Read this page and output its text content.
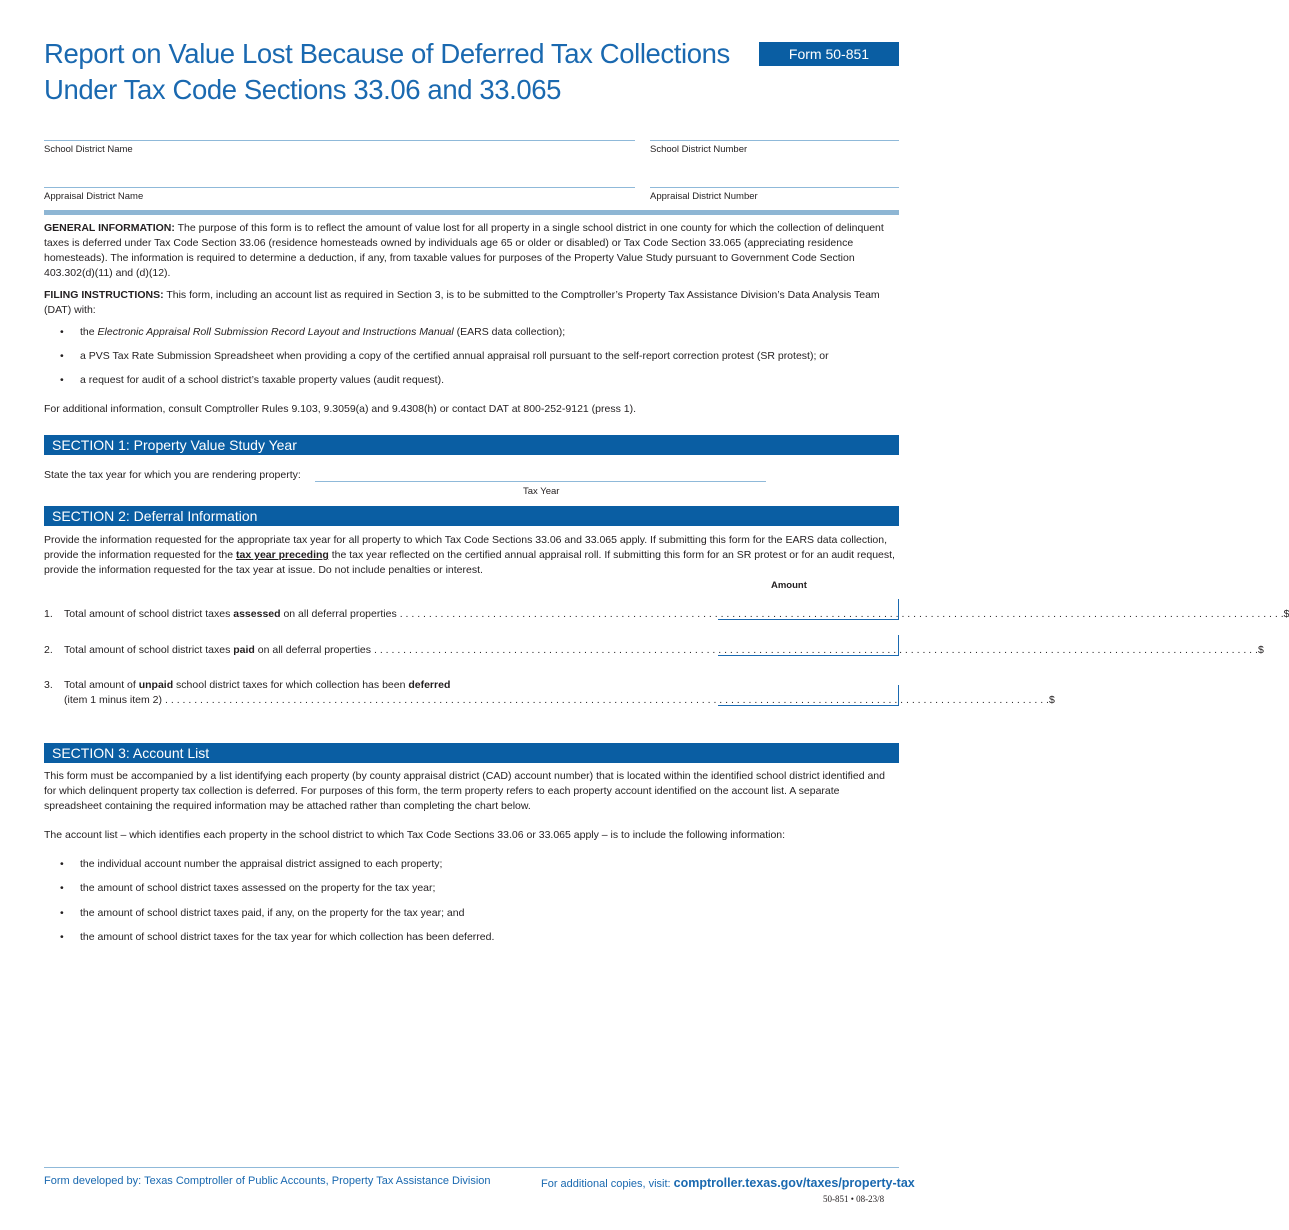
Report on Value Lost Because of Deferred Tax Collections
Under Tax Code Sections 33.06 and 33.065
Form 50-851
School District Name	School District Number
Appraisal District Name	Appraisal District Number
GENERAL INFORMATION: The purpose of this form is to reflect the amount of value lost for all property in a single school district in one county for which the collection of delinquent taxes is deferred under Tax Code Section 33.06 (residence homesteads owned by individuals age 65 or older or disabled) or Tax Code Section 33.065 (appreciating residence homesteads). The information is required to determine a deduction, if any, from taxable values for purposes of the Property Value Study pursuant to Government Code Section 403.302(d)(11) and (d)(12).
FILING INSTRUCTIONS: This form, including an account list as required in Section 3, is to be submitted to the Comptroller’s Property Tax Assistance Division’s Data Analysis Team (DAT) with:
• the Electronic Appraisal Roll Submission Record Layout and Instructions Manual (EARS data collection);
• a PVS Tax Rate Submission Spreadsheet when providing a copy of the certified annual appraisal roll pursuant to the self-report correction protest (SR protest); or
• a request for audit of a school district’s taxable property values (audit request).
For additional information, consult Comptroller Rules 9.103, 9.3059(a) and 9.4308(h) or contact DAT at 800-252-9121 (press 1).
SECTION 1: Property Value Study Year
State the tax year for which you are rendering property:
Tax Year
SECTION 2: Deferral Information
Provide the information requested for the appropriate tax year for all property to which Tax Code Sections 33.06 and 33.065 apply. If submitting this form for the EARS data collection, provide the information requested for the tax year preceding the tax year reflected on the certified annual appraisal roll. If submitting this form for an SR protest or for an audit request, provide the information requested for the tax year at issue. Do not include penalties or interest.
Amount
1.	Total amount of school district taxes assessed on all deferral properties . . . . . . . . . . . . . . . . . . . . . . . . . . . . . . . . . . . . . . . . . . . . . . . . . . . . . . . . . . . . . . . . . . . . . . . . . . . . . . . . . . . . . . . . . . . . . . . . . . . . . . . . . . . . . . . . . . . . . . . . . . . . . . . . . . . . . . . . . . . . . . . . . . . . . . . . $
2.	Total amount of school district taxes paid on all deferral properties . . . . . . . . . . . . . . . . . . . . . . . . . . . . . . . . . . . . . . . . . . . . . . . . . . . . . . . . . . . . . . . . . . . . . . . . . . . . . . . . . . . . . . . . . . . . . . . . . . . . . . . . . . . . . . . . . . . . . . . . . . . . . . . . . . . . . . . . . . . . . . . . . . . . . . . . $
3. Total amount of unpaid school district taxes for which collection has been deferred
(item 1 minus item 2) . . . . . . . . . . . . . . . . . . . . . . . . . . . . . . . . . . . . . . . . . . . . . . . . . . . . . . . . . . . . . . . . . . . . . . . . . . . . . . . . . . . . . . . . . . . . . . . . . . . . . . . . . . . . . . . . . . . . . . . . . . . . . . . . . . . . . . . . . . . . . . . . . . . . . . . . $
SECTION 3: Account List
This form must be accompanied by a list identifying each property (by county appraisal district (CAD) account number) that is located within the identified school district identified and for which delinquent property tax collection is deferred. For purposes of this form, the term property refers to each property account identified on the account list. A separate spreadsheet containing the required information may be attached rather than completing the chart below.
The account list – which identifies each property in the school district to which Tax Code Sections 33.06 or 33.065 apply – is to include the following information:
• the individual account number the appraisal district assigned to each property;
• the amount of school district taxes assessed on the property for the tax year;
• the amount of school district taxes paid, if any, on the property for the tax year; and
• the amount of school district taxes for the tax year for which collection has been deferred.
Form developed by: Texas Comptroller of Public Accounts, Property Tax Assistance Division	For additional copies, visit: comptroller.texas.gov/taxes/property-tax
50-851 • 08-23/8
